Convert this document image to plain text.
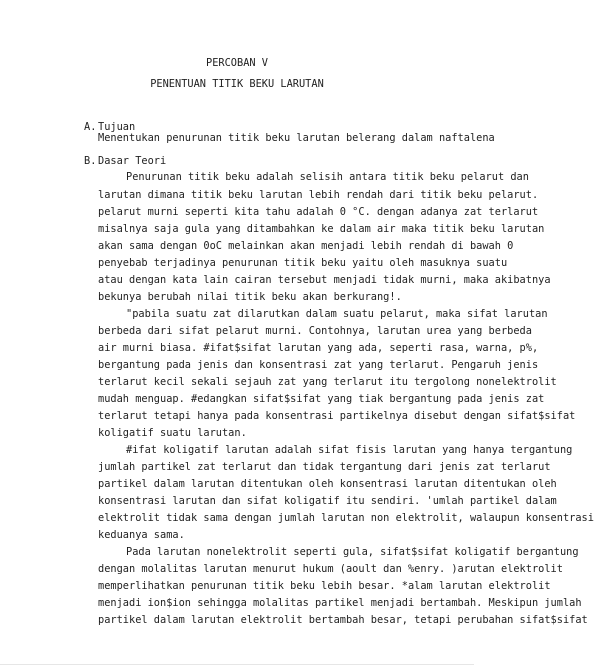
PERCOBAN V
PENENTUAN TITIK BEKU LARUTAN
A. Tujuan
Menentukan penurunan titik beku larutan belerang dalam naftalena
B. Dasar Teori
Penurunan titik beku adalah selisih antara titik beku pelarut dan
larutan dimana titik beku larutan lebih rendah dari titik beku pelarut.
pelarut murni seperti kita tahu adalah 0 °C. dengan adanya zat terlarut
misalnya saja gula yang ditambahkan ke dalam air maka titik beku larutan
akan sama dengan 0oC melainkan akan menjadi lebih rendah di bawah 0
penyebab terjadinya penurunan titik beku yaitu oleh masuknya suatu
atau dengan kata lain cairan tersebut menjadi tidak murni, maka akibatnya
bekunya berubah nilai titik beku akan berkurang!.
"pabila suatu zat dilarutkan dalam suatu pelarut, maka sifat larutan
berbeda dari sifat pelarut murni. Contohnya, larutan urea yang berbeda
air murni biasa. #ifat$sifat larutan yang ada, seperti rasa, warna, p%,
bergantung pada jenis dan konsentrasi zat yang terlarut. Pengaruh jenis
terlarut kecil sekali sejauh zat yang terlarut itu tergolong nonelektrolit
mudah menguap. #edangkan sifat$sifat yang tiak bergantung pada jenis zat
terlarut tetapi hanya pada konsentrasi partikelnya disebut dengan sifat$sifat
koligatif suatu larutan.
#ifat koligatif larutan adalah sifat fisis larutan yang hanya tergantung
jumlah partikel zat terlarut dan tidak tergantung dari jenis zat terlarut
partikel dalam larutan ditentukan oleh konsentrasi larutan ditentukan oleh
konsentrasi larutan dan sifat koligatif itu sendiri. 'umlah partikel dalam
elektrolit tidak sama dengan jumlah larutan non elektrolit, walaupun konsentrasi
keduanya sama.
Pada larutan nonelektrolit seperti gula, sifat$sifat koligatif bergantung
dengan molalitas larutan menurut hukum (aoult dan %enry. )arutan elektrolit
memperlihatkan penurunan titik beku lebih besar. *alam larutan elektrolit
menjadi ion$ion sehingga molalitas partikel menjadi bertambah. Meskipun jumlah
partikel dalam larutan elektrolit bertambah besar, tetapi perubahan sifat$sifat
